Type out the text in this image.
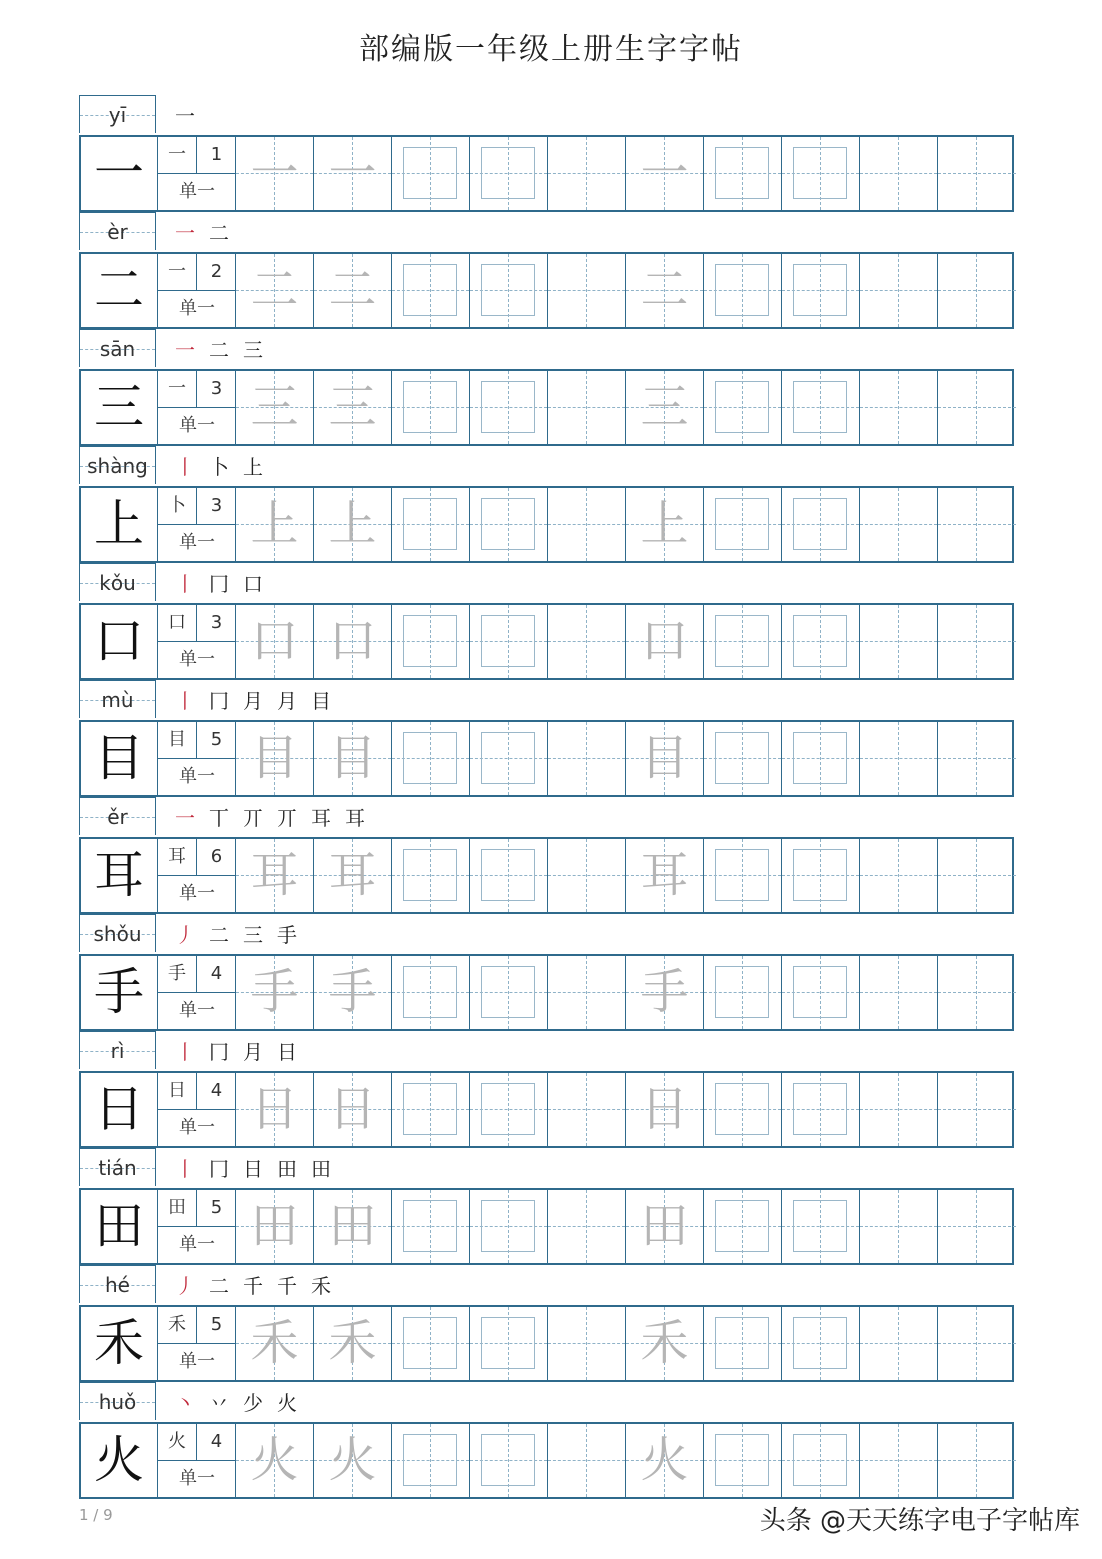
部编版一年级上册生字字帖
yī	一
一	一	1
单一 一 一	一
èr	一 二
二	一	2
单一 二 二	二
sān	一 二 三
三	一	3
单一 三 三	三
shàng	丨 卜 上
上	卜	3
单一 上 上	上
kǒu	丨 冂 口
口	口	3
单一 口 口	口
mù	丨 冂 月 月 目
目	目	5
单一 目 目	目
ěr	一 丅 丌 丌 耳 耳
耳	耳	6
单一 耳 耳	耳
shǒu	丿 二 三 手
手	手	4
单一 手 手	手
rì	丨 冂 月 日
日	日	4
单一 日 日	日
tián	丨 冂 日 田 田
田	田	5
单一 田 田	田
hé	丿 二 千 千 禾
禾	禾	5
单一 禾 禾	禾
huǒ	丶 丷 少 火
火	火	4
单一 火 火	火
1 / 9	头条 @天天练字电子字帖库
